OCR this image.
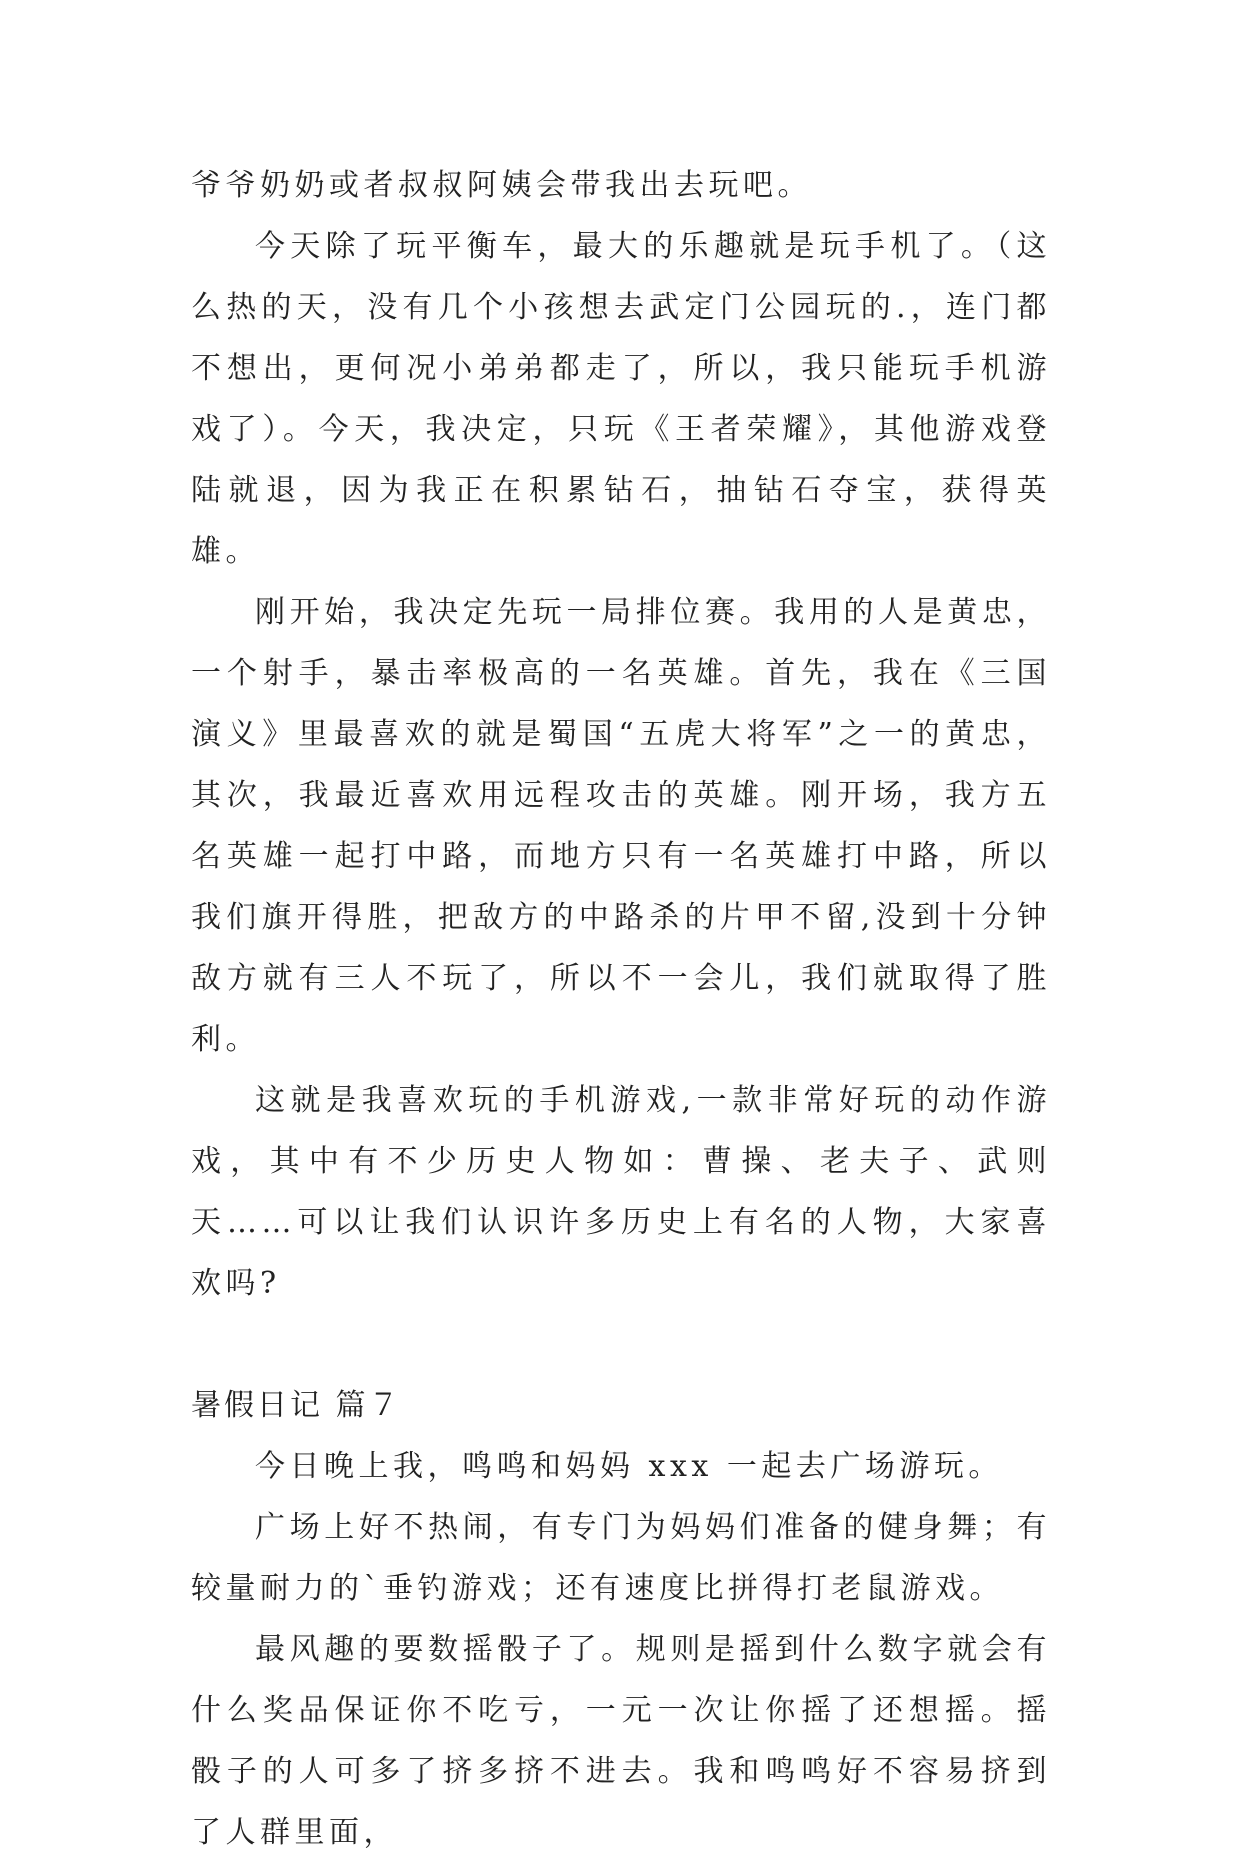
爷爷奶奶或者叔叔阿姨会带我出去玩吧。

今天除了玩平衡车，最大的乐趣就是玩手机了。（这么热的天，没有几个小孩想去武定门公园玩的.，连门都不想出，更何况小弟弟都走了，所以，我只能玩手机游戏了）。今天，我决定，只玩《王者荣耀》，其他游戏登陆就退，因为我正在积累钻石，抽钻石夺宝，获得英雄。

刚开始，我决定先玩一局排位赛。我用的人是黄忠，一个射手，暴击率极高的一名英雄。首先，我在《三国演义》里最喜欢的就是蜀国“五虎大将军”之一的黄忠，其次，我最近喜欢用远程攻击的英雄。刚开场，我方五名英雄一起打中路，而地方只有一名英雄打中路，所以我们旗开得胜，把敌方的中路杀的片甲不留,没到十分钟敌方就有三人不玩了，所以不一会儿，我们就取得了胜利。

这就是我喜欢玩的手机游戏,一款非常好玩的动作游戏，其中有不少历史人物如：曹操、老夫子、武则天……可以让我们认识许多历史上有名的人物，大家喜欢吗?

暑假日记 篇７

今日晚上我，鸣鸣和妈妈 xxx 一起去广场游玩。

广场上好不热闹，有专门为妈妈们准备的健身舞；有较量耐力的`垂钓游戏；还有速度比拼得打老鼠游戏。

最风趣的要数摇骰子了。规则是摇到什么数字就会有什么奖品保证你不吃亏，一元一次让你摇了还想摇。摇骰子的人可多了挤多挤不进去。我和鸣鸣好不容易挤到了人群里面，
